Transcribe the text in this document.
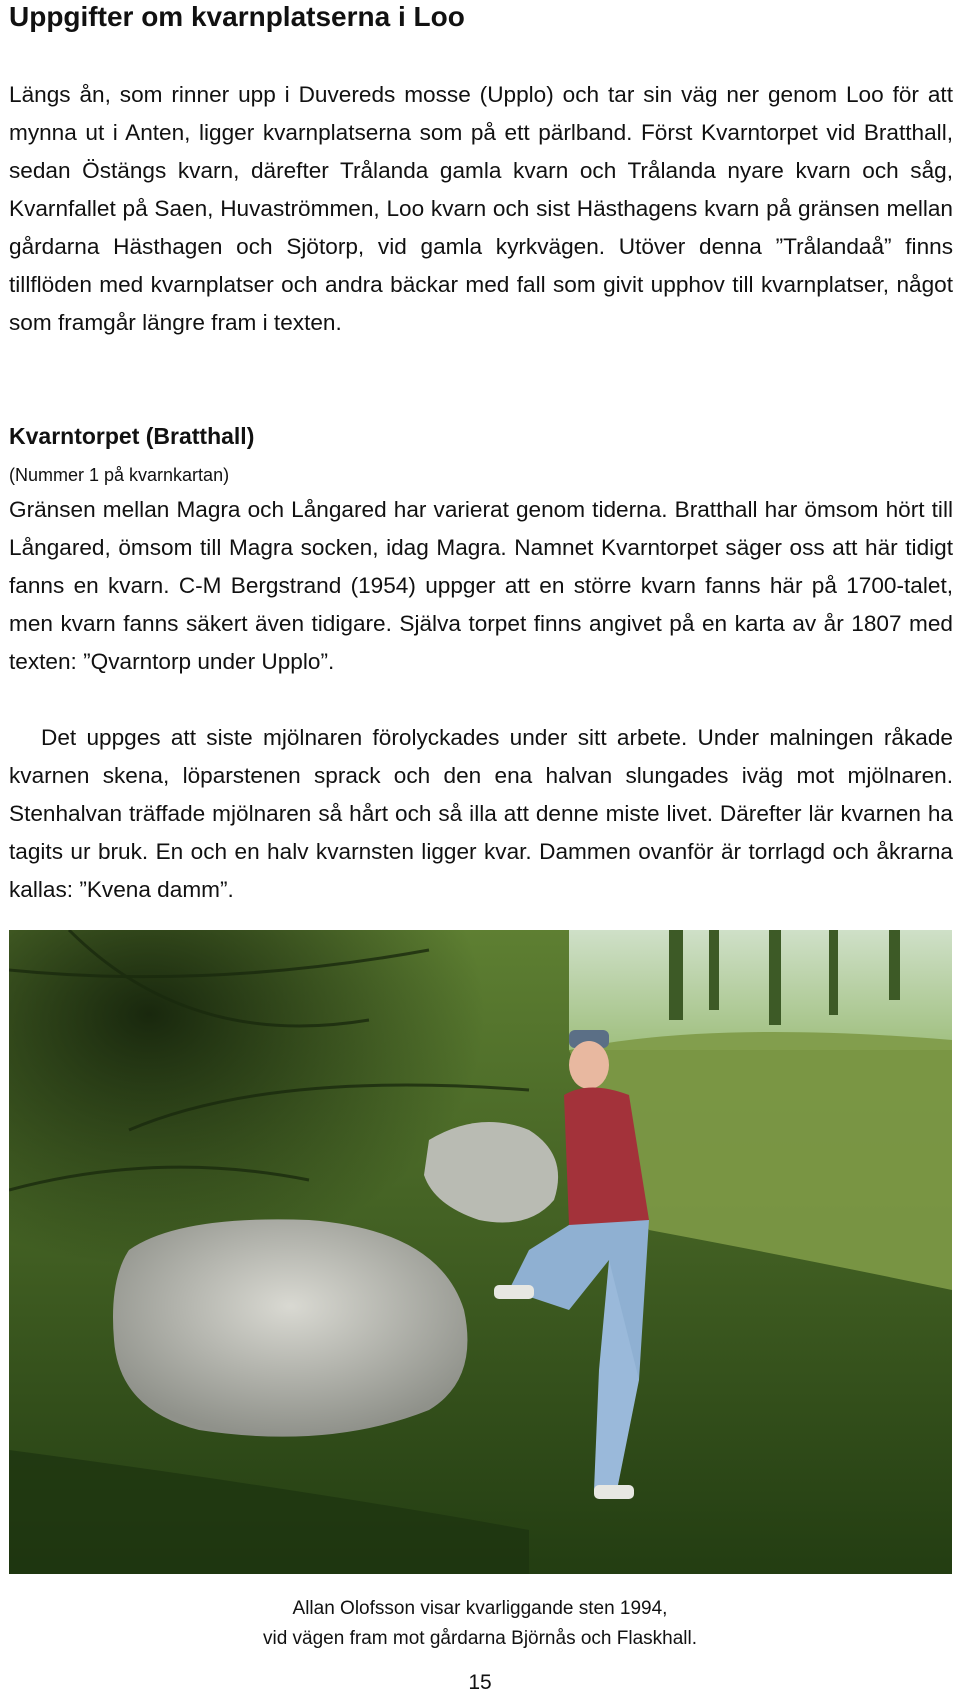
Uppgifter om kvarnplatserna i Loo

Längs ån, som rinner upp i Duvereds mosse (Upplo) och tar sin väg ner genom Loo för att mynna ut i Anten, ligger kvarnplatserna som på ett pärlband. Först Kvarntorpet vid Bratthall, sedan Östängs kvarn, därefter Trålanda gamla kvarn och Trålanda nyare kvarn och såg, Kvarnfallet på Saen, Huvaströmmen, Loo kvarn och sist Hästhagens kvarn på gränsen mellan gårdarna Hästhagen och Sjötorp, vid gamla kyrkvägen. Utöver denna ”Trålandaå” finns tillflöden med kvarnplatser och andra bäckar med fall som givit upphov till kvarnplatser, något som framgår längre fram i texten.

Kvarntorpet (Bratthall)

(Nummer 1 på kvarnkartan)

Gränsen mellan Magra och Långared har varierat genom tiderna. Bratthall har ömsom hört till Långared, ömsom till Magra socken, idag Magra. Namnet Kvarntorpet säger oss att här tidigt fanns en kvarn. C-M Bergstrand (1954) uppger att en större kvarn fanns här på 1700-talet, men kvarn fanns säkert även tidigare. Själva torpet finns angivet på en karta av år 1807 med texten: ”Qvarntorp under Upplo”.

Det uppges att siste mjölnaren förolyckades under sitt arbete. Under malningen råkade kvarnen skena, löparstenen sprack och den ena halvan slungades iväg mot mjölnaren. Stenhalvan träffade mjölnaren så hårt och så illa att denne miste livet. Därefter lär kvarnen ha tagits ur bruk. En och en halv kvarnsten ligger kvar. Dammen ovanför är torrlagd och åkrarna kallas: ”Kvena damm”.

Allan Olofsson visar kvarliggande sten 1994,
vid vägen fram mot gårdarna Björnås och Flaskhall.
15
